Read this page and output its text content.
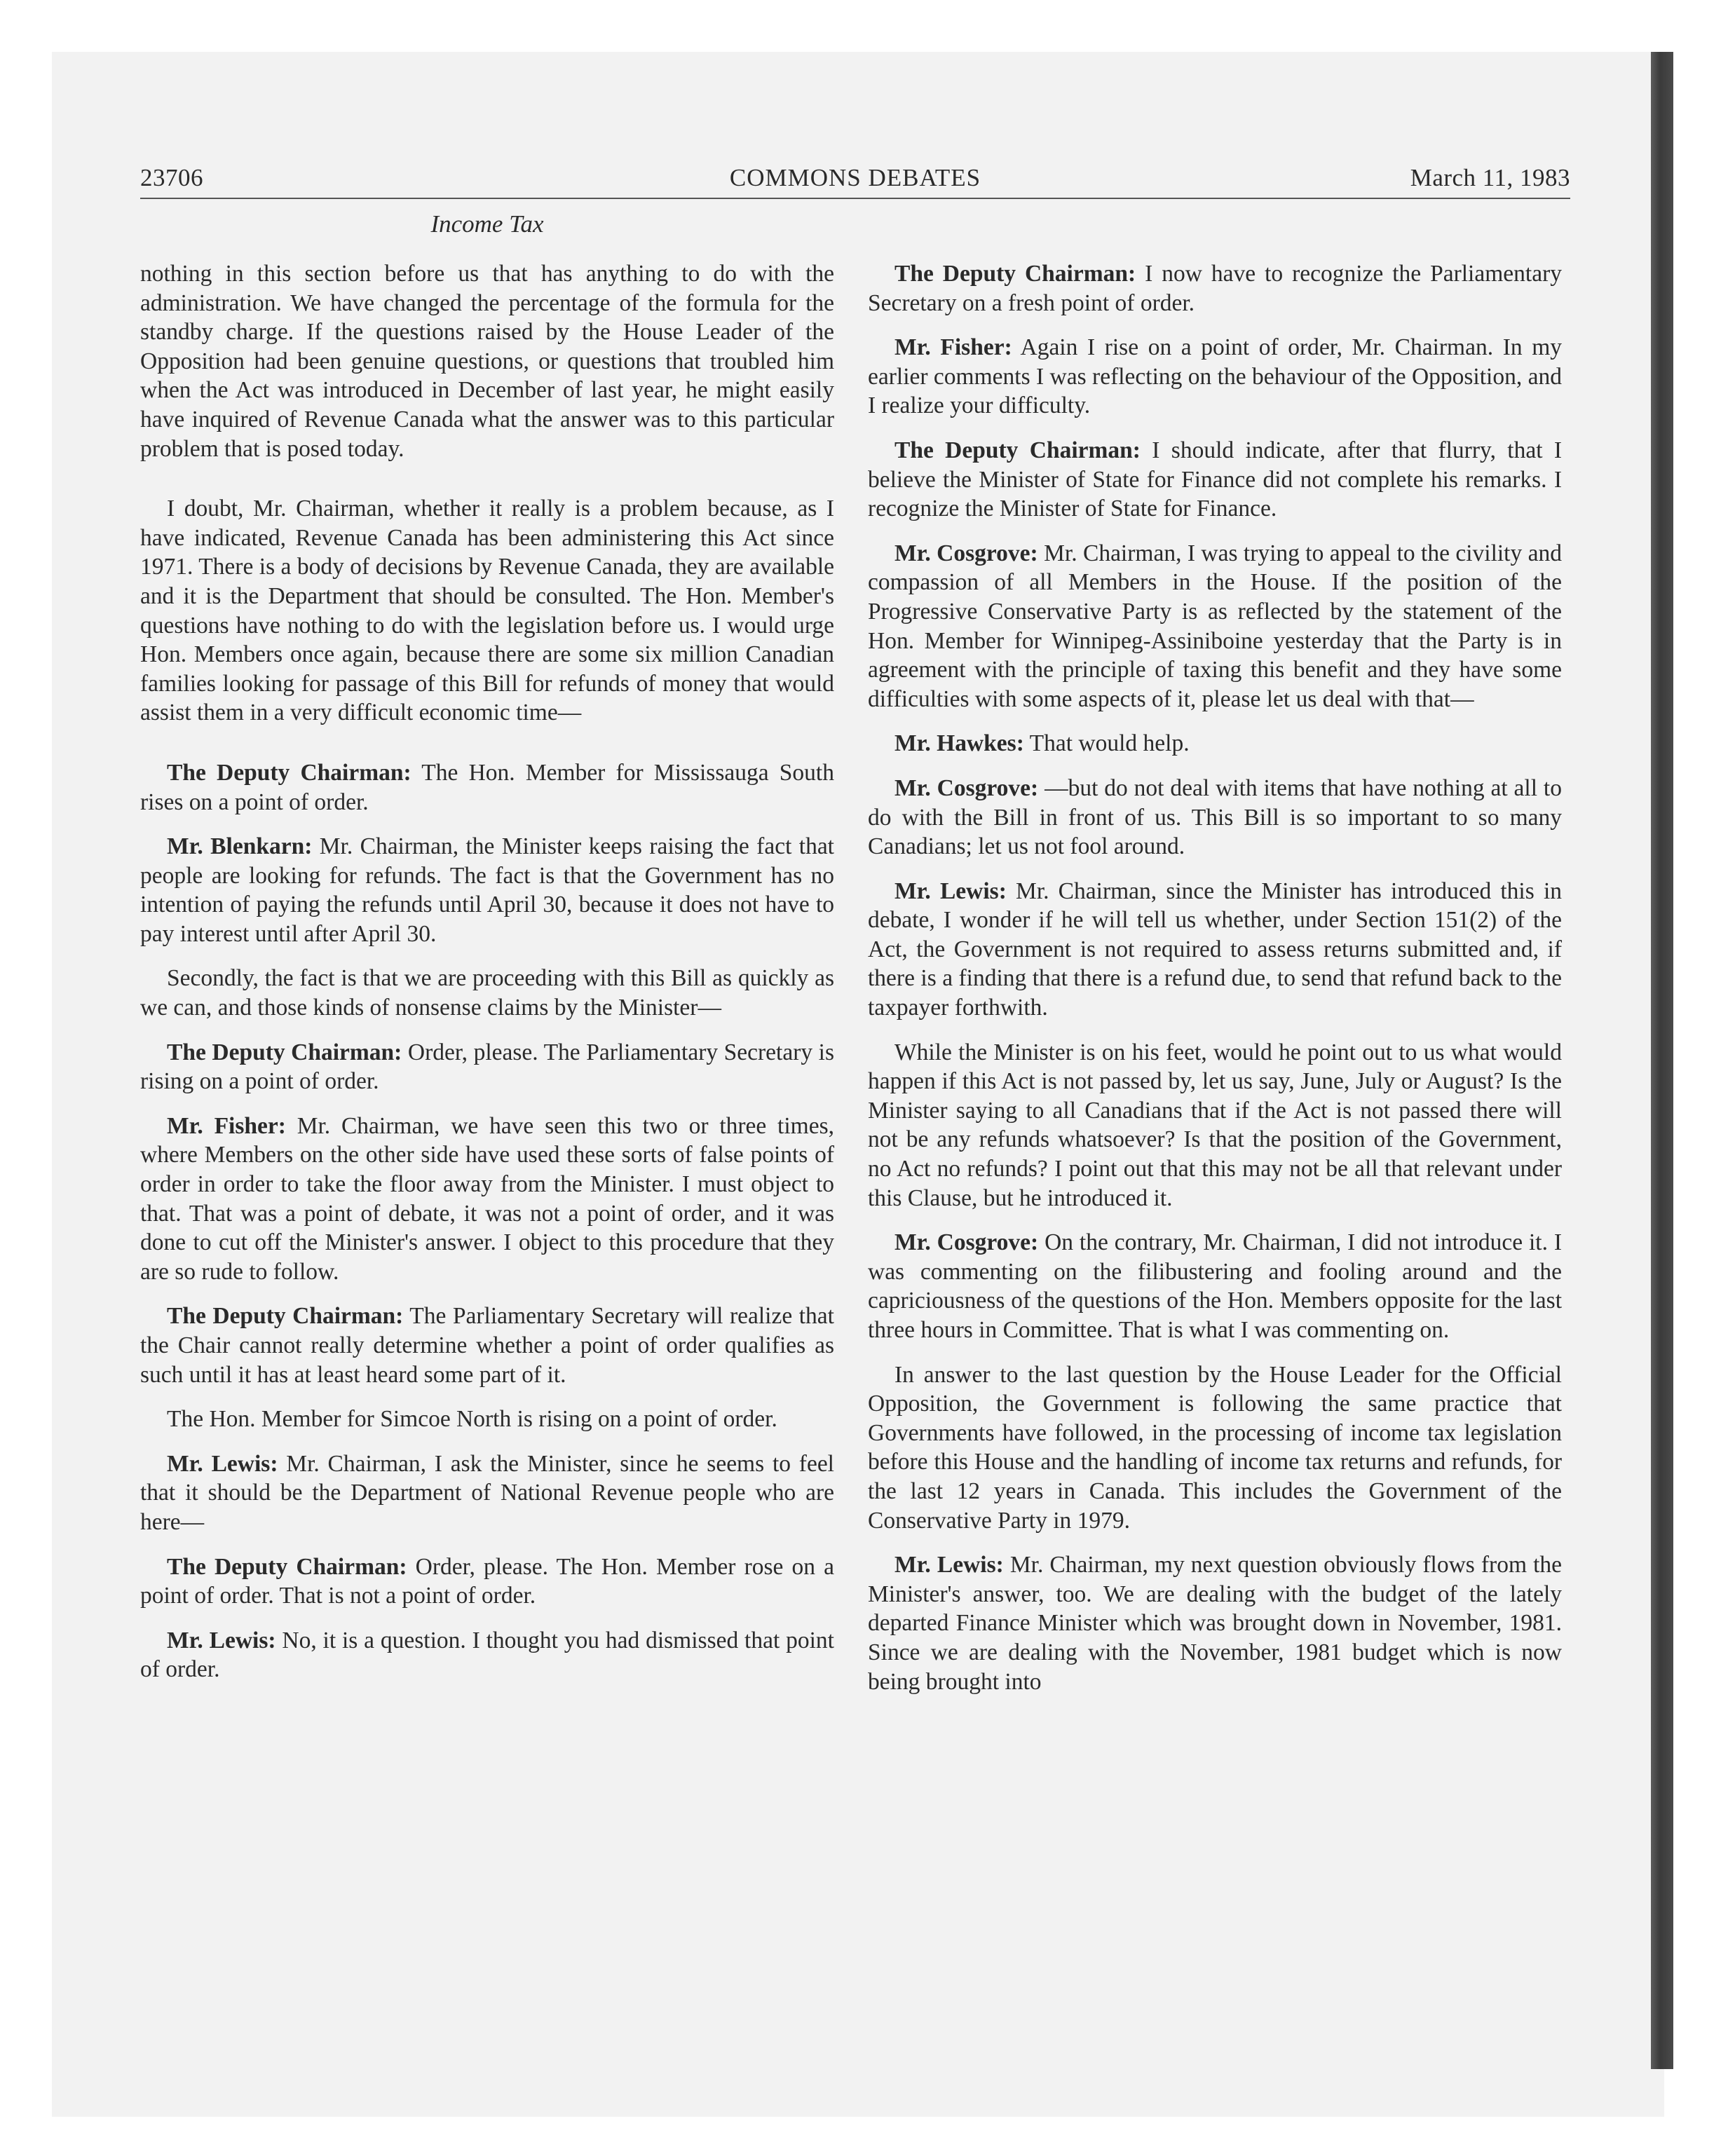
23706	COMMONS DEBATES	March 11, 1983
Income Tax

nothing in this section before us that has anything to do with the administration. We have changed the percentage of the formula for the standby charge. If the questions raised by the House Leader of the Opposition had been genuine questions, or questions that troubled him when the Act was introduced in December of last year, he might easily have inquired of Revenue Canada what the answer was to this particular problem that is posed today.

I doubt, Mr. Chairman, whether it really is a problem because, as I have indicated, Revenue Canada has been administering this Act since 1971. There is a body of decisions by Revenue Canada, they are available and it is the Department that should be consulted. The Hon. Member's questions have nothing to do with the legislation before us. I would urge Hon. Members once again, because there are some six million Canadian families looking for passage of this Bill for refunds of money that would assist them in a very difficult economic time—

The Deputy Chairman: The Hon. Member for Mississauga South rises on a point of order.

Mr. Blenkarn: Mr. Chairman, the Minister keeps raising the fact that people are looking for refunds. The fact is that the Government has no intention of paying the refunds until April 30, because it does not have to pay interest until after April 30.

Secondly, the fact is that we are proceeding with this Bill as quickly as we can, and those kinds of nonsense claims by the Minister—

The Deputy Chairman: Order, please. The Parliamentary Secretary is rising on a point of order.

Mr. Fisher: Mr. Chairman, we have seen this two or three times, where Members on the other side have used these sorts of false points of order in order to take the floor away from the Minister. I must object to that. That was a point of debate, it was not a point of order, and it was done to cut off the Minister's answer. I object to this procedure that they are so rude to follow.

The Deputy Chairman: The Parliamentary Secretary will realize that the Chair cannot really determine whether a point of order qualifies as such until it has at least heard some part of it.

The Hon. Member for Simcoe North is rising on a point of order.

Mr. Lewis: Mr. Chairman, I ask the Minister, since he seems to feel that it should be the Department of National Revenue people who are here—

The Deputy Chairman: Order, please. The Hon. Member rose on a point of order. That is not a point of order.

Mr. Lewis: No, it is a question. I thought you had dismissed that point of order.

The Deputy Chairman: I now have to recognize the Parliamentary Secretary on a fresh point of order.

Mr. Fisher: Again I rise on a point of order, Mr. Chairman. In my earlier comments I was reflecting on the behaviour of the Opposition, and I realize your difficulty.

The Deputy Chairman: I should indicate, after that flurry, that I believe the Minister of State for Finance did not complete his remarks. I recognize the Minister of State for Finance.

Mr. Cosgrove: Mr. Chairman, I was trying to appeal to the civility and compassion of all Members in the House. If the position of the Progressive Conservative Party is as reflected by the statement of the Hon. Member for Winnipeg-Assiniboine yesterday that the Party is in agreement with the principle of taxing this benefit and they have some difficulties with some aspects of it, please let us deal with that—

Mr. Hawkes: That would help.

Mr. Cosgrove: —but do not deal with items that have nothing at all to do with the Bill in front of us. This Bill is so important to so many Canadians; let us not fool around.

Mr. Lewis: Mr. Chairman, since the Minister has introduced this in debate, I wonder if he will tell us whether, under Section 151(2) of the Act, the Government is not required to assess returns submitted and, if there is a finding that there is a refund due, to send that refund back to the taxpayer forthwith.

While the Minister is on his feet, would he point out to us what would happen if this Act is not passed by, let us say, June, July or August? Is the Minister saying to all Canadians that if the Act is not passed there will not be any refunds whatsoever? Is that the position of the Government, no Act no refunds? I point out that this may not be all that relevant under this Clause, but he introduced it.

Mr. Cosgrove: On the contrary, Mr. Chairman, I did not introduce it. I was commenting on the filibustering and fooling around and the capriciousness of the questions of the Hon. Members opposite for the last three hours in Committee. That is what I was commenting on.

In answer to the last question by the House Leader for the Official Opposition, the Government is following the same practice that Governments have followed, in the processing of income tax legislation before this House and the handling of income tax returns and refunds, for the last 12 years in Canada. This includes the Government of the Conservative Party in 1979.

Mr. Lewis: Mr. Chairman, my next question obviously flows from the Minister's answer, too. We are dealing with the budget of the lately departed Finance Minister which was brought down in November, 1981. Since we are dealing with the November, 1981 budget which is now being brought into
